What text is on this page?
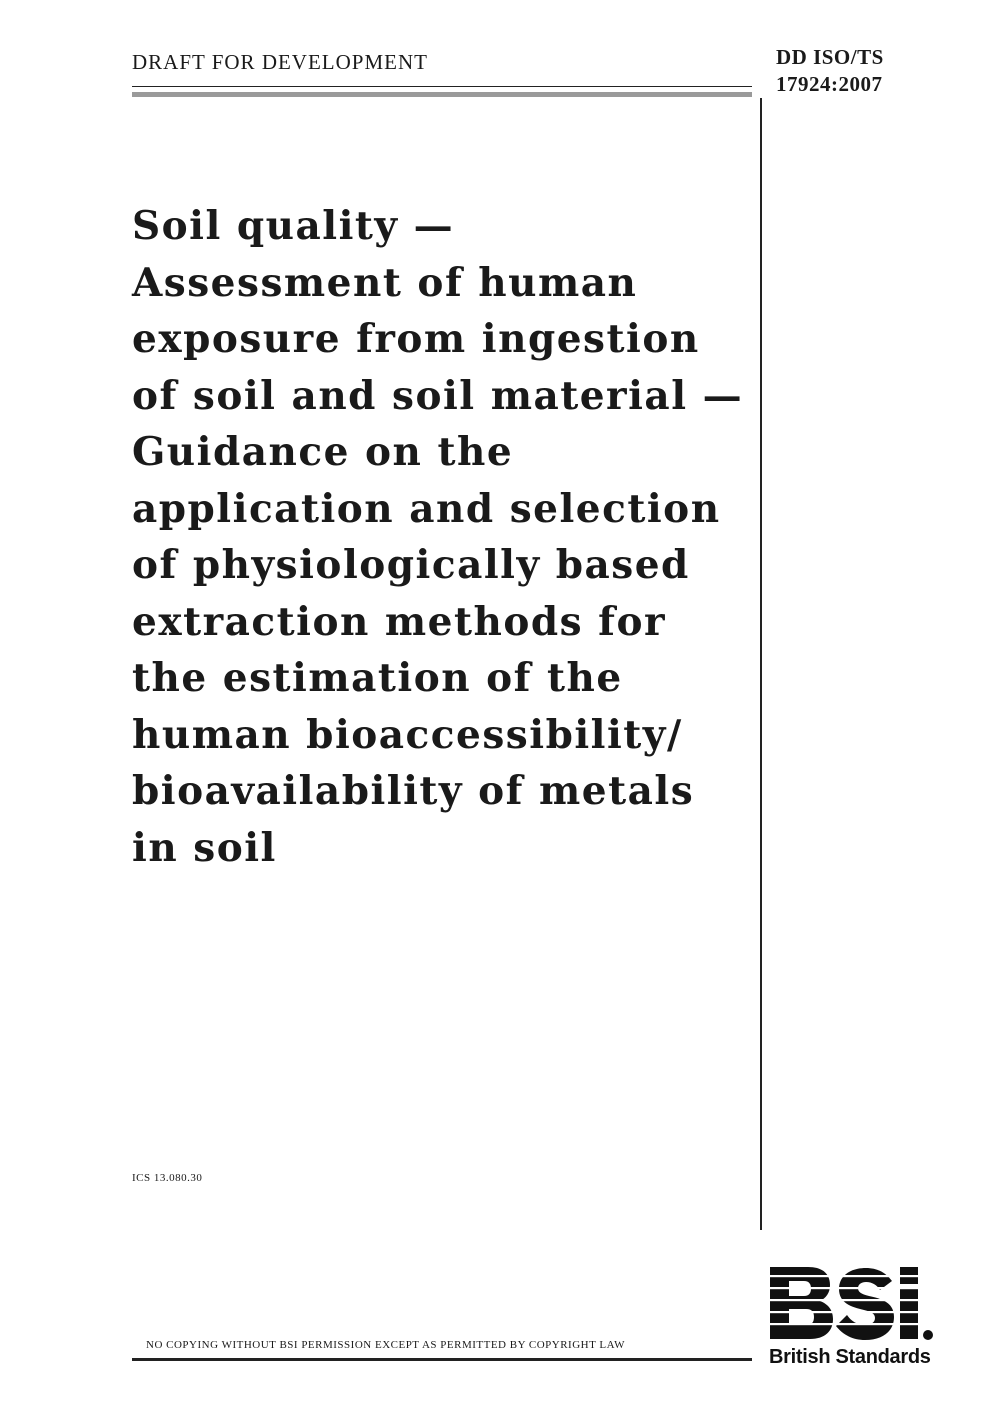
DRAFT FOR DEVELOPMENT	DD ISO/TS
17924:2007
Soil quality —
Assessment of human
exposure from ingestion
of soil and soil material —
Guidance on the
application and selection
of physiologically based
extraction methods for
the estimation of the
human bioaccessibility/
bioavailability of metals
in soil
ICS 13.080.30
NO COPYING WITHOUT BSI PERMISSION EXCEPT AS PERMITTED BY COPYRIGHT LAW
British Standards
